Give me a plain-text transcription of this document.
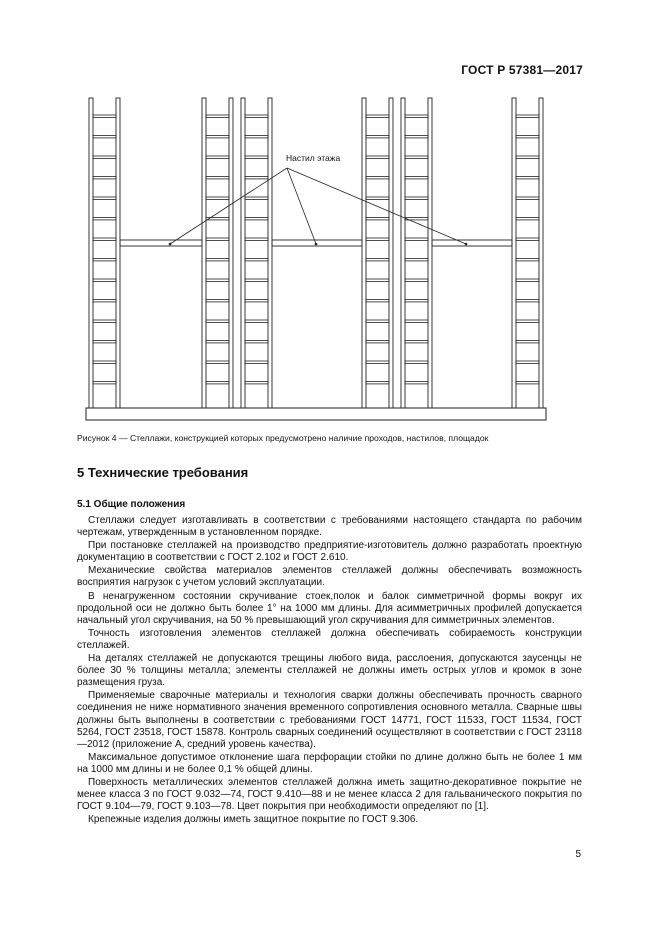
ГОСТ Р 57381—2017
Настил этажа
Рисунок 4 — Стеллажи, конструкцией которых предусмотрено наличие проходов, настилов, площадок
5 Технические требования
5.1 Общие положения

Стеллажи следует изготавливать в соответствии с требованиями настоящего стандарта по рабочим чертежам, утвержденным в установленном порядке.

При постановке стеллажей на производство предприятие-изготовитель должно разработать проектную документацию в соответствии с ГОСТ 2.102 и ГОСТ 2.610.

Механические свойства материалов элементов стеллажей должны обеспечивать возможность восприятия нагрузок с учетом условий эксплуатации.

В ненагруженном состоянии скручивание стоек,полок и балок симметричной формы вокруг их продольной оси не должно быть более 1° на 1000 мм длины. Для асимметричных профилей допускается начальный угол скручивания, на 50 % превышающий угол скручивания для симметричных элементов.

Точность изготовления элементов стеллажей должна обеспечивать собираемость конструкции стеллажей.

На деталях стеллажей не допускаются трещины любого вида, расслоения, допускаются заусенцы не более 30 % толщины металла; элементы стеллажей не должны иметь острых углов и кромок в зоне размещения груза.

Применяемые сварочные материалы и технология сварки должны обеспечивать прочность сварного соединения не ниже нормативного значения временного сопротивления основного металла. Сварные швы должны быть выполнены в соответствии с требованиями ГОСТ 14771, ГОСТ 11533, ГОСТ 11534, ГОСТ 5264, ГОСТ 23518, ГОСТ 15878. Контроль сварных соединений осуществляют в соответствии с ГОСТ 23118—2012 (приложение А, средний уровень качества).

Максимальное допустимое отклонение шага перфорации стойки по длине должно быть не более 1 мм на 1000 мм длины и не более 0,1 % общей длины.

Поверхность металлических элементов стеллажей должна иметь защитно-декоративное покрытие не менее класса 3 по ГОСТ 9.032—74, ГОСТ 9.410—88 и не менее класса 2 для гальванического покрытия по ГОСТ 9.104—79, ГОСТ 9.103—78. Цвет покрытия при необходимости определяют по [1].

Крепежные изделия должны иметь защитное покрытие по ГОСТ 9.306.

5
